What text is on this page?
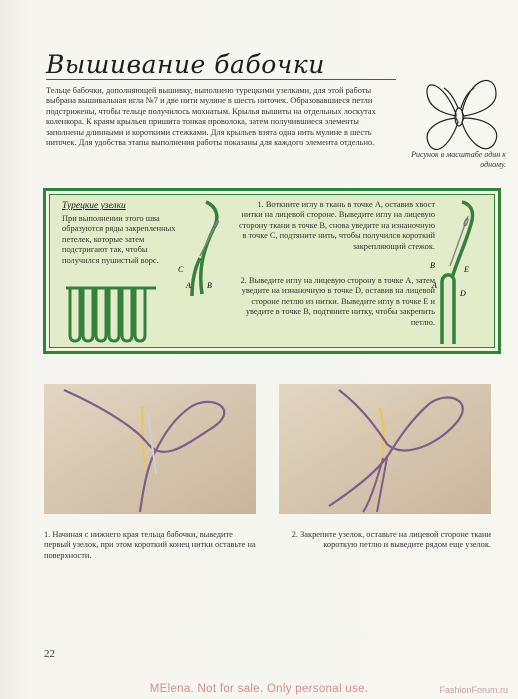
Вышивание бабочки
Тельце бабочки, дополняющей вышивку, выполнено турецкими узелками, для этой работы выбрана вышивальная игла №7 и две нити мулине в шесть ниточек. Образовавшиеся петли подстрижены, чтобы тельце получилось мохнатым. Крылья вышиты на отдельных лоскутах коленкора. К краям крыльев пришита тонкая проволока, затем получившиеся элементы заполнены длинными и короткими стежками. Для крыльев взята одна нить мулине в шесть ниточек. Для удобства этапы выполнения работы показаны для каждого элемента отдельно.
Рисунок в масштабе один к одному.
Турецкие узелки
При выполнении этого шва образуются ряды закрепленных петелек, которые затем подстригают так, чтобы получился пушистый ворс.
C
A B
1. Воткните иглу в ткань в точке А, оставив хвост нитки на лицевой стороне. Выведите иглу на лицевую сторону ткани в точке В, снова уведите на изнаночную в точке С, подтяните нить, чтобы получился короткий закрепляющий стежок.
2. Выведите иглу на лицевую сторону в точке А, затем уведите на изнаночную в точке D, оставив на лицевой стороне петлю из нитки. Выведите иглу в точке Е и уведите в точке В, подтяните нитку, чтобы закрепить петлю.
B	E
A
D
1. Начиная с нижнего края тельца бабочки, выведите первый узелок, при этом короткий конец нитки оставьте на поверхности.
2. Закрепите узелок, оставьте на лицевой стороне ткани короткую петлю и выведите рядом еще узелок.
22
MElena. Not for sale. Only personal use.	FashionForum.ru
